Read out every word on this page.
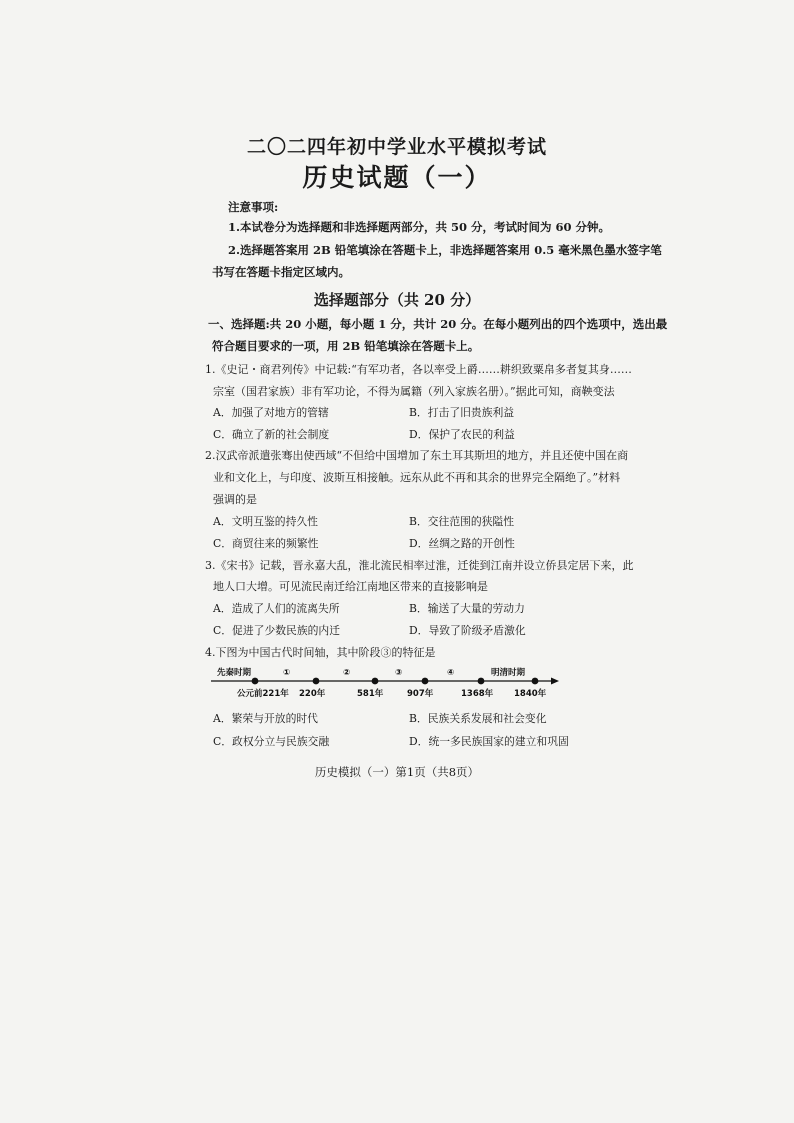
二〇二四年初中学业水平模拟考试
历史试题（一）
注意事项:
1.本试卷分为选择题和非选择题两部分，共 50 分，考试时间为 60 分钟。
2.选择题答案用 2B 铅笔填涂在答题卡上，非选择题答案用 0.5 毫米黑色墨水签字笔
书写在答题卡指定区域内。
选择题部分（共 20 分）
一、选择题:共 20 小题，每小题 1 分，共计 20 分。在每小题列出的四个选项中，选出最
符合题目要求的一项，用 2B 铅笔填涂在答题卡上。
1.《史记・商君列传》中记载:“有军功者，各以率受上爵……耕织致粟帛多者复其身……
宗室（国君家族）非有军功论，不得为属籍（列入家族名册）。”据此可知，商鞅变法
A．加强了对地方的管辖	B．打击了旧贵族利益
C．确立了新的社会制度	D．保护了农民的利益
2.汉武帝派遣张骞出使西域“不但给中国增加了东土耳其斯坦的地方，并且还使中国在商
业和文化上，与印度、波斯互相接触。远东从此不再和其余的世界完全隔绝了。”材料
强调的是
A．文明互鉴的持久性	B．交往范围的狭隘性
C．商贸往来的频繁性	D．丝绸之路的开创性
3.《宋书》记载，晋永嘉大乱，淮北流民相率过淮，迁徙到江南并设立侨县定居下来，此
地人口大增。可见流民南迁给江南地区带来的直接影响是
A．造成了人们的流离失所	B．输送了大量的劳动力
C．促进了少数民族的内迁	D．导致了阶级矛盾激化
4.下图为中国古代时间轴，其中阶段③的特征是
先秦时期	①	②	③	④	明清时期
公元前221年 220年	581年	907年	1368年 1840年
A．繁荣与开放的时代	B．民族关系发展和社会变化
C．政权分立与民族交融	D．统一多民族国家的建立和巩固
历史模拟（一）第1页（共8页）
